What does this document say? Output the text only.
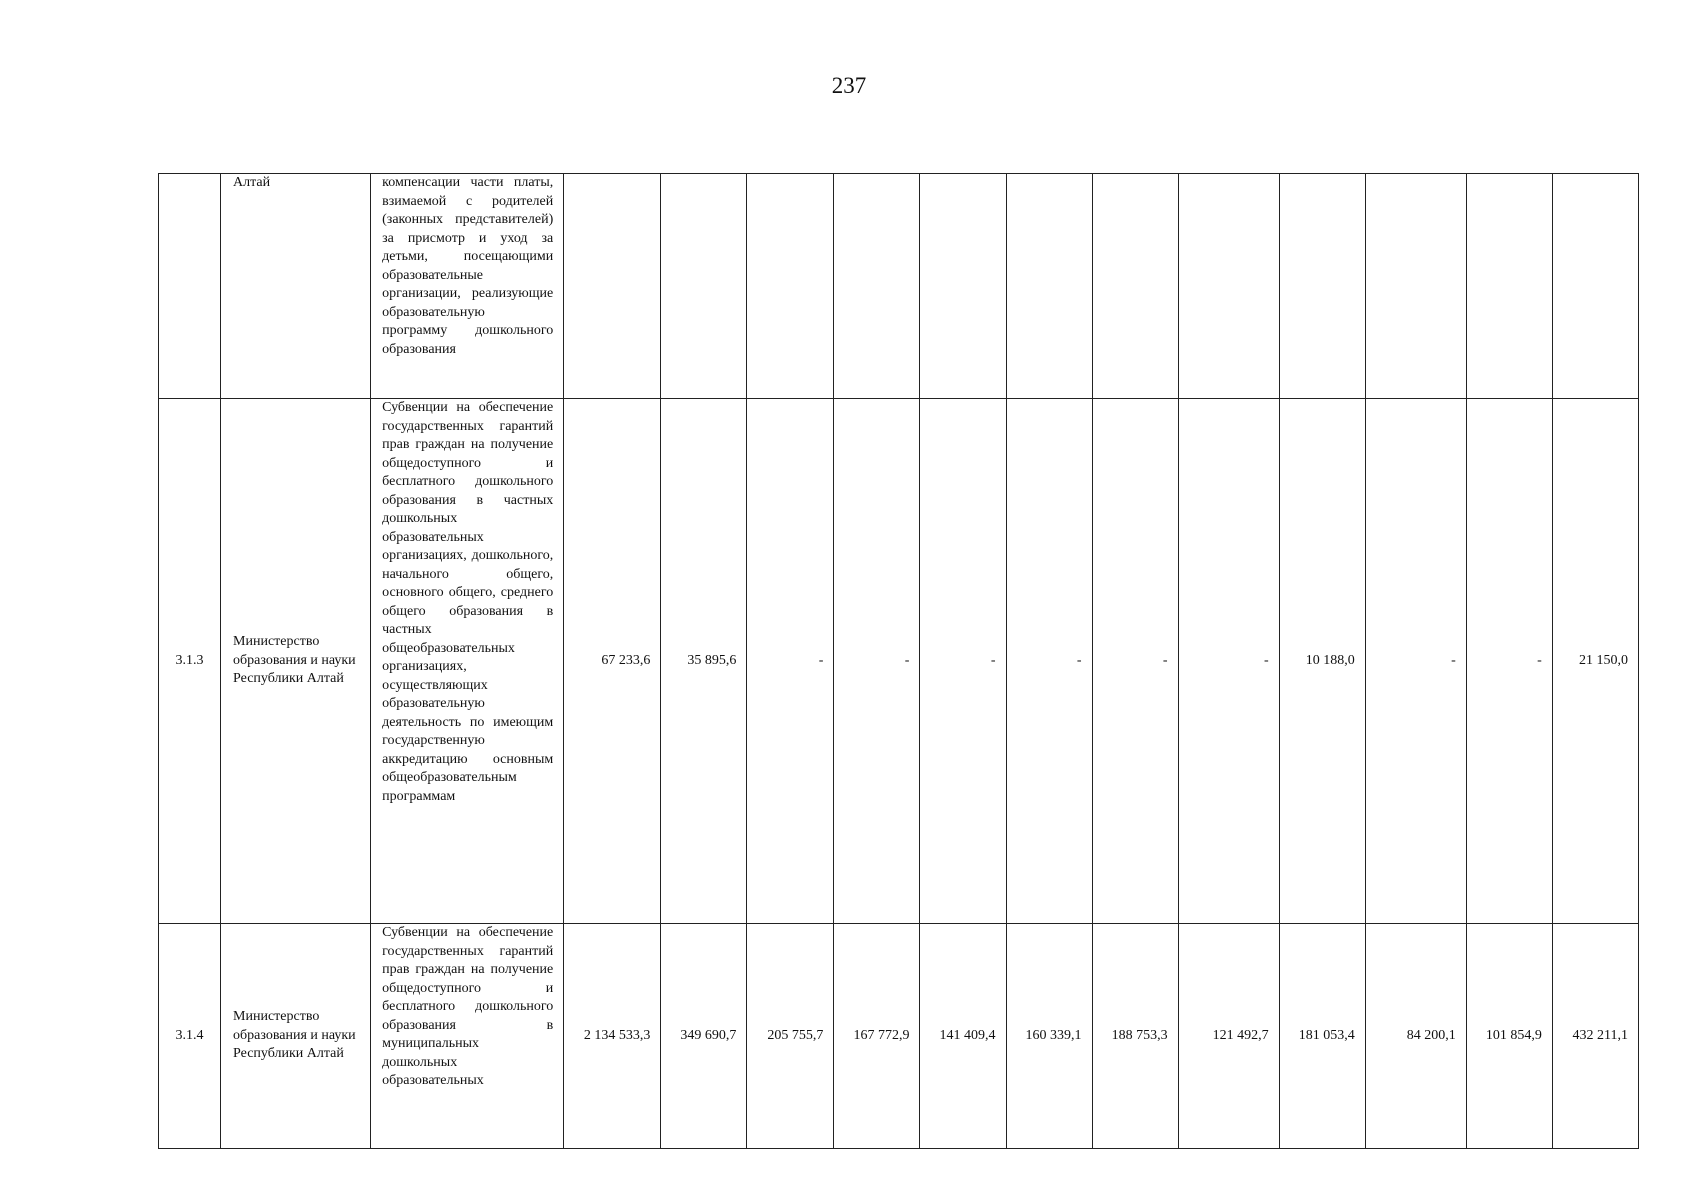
237
	Алтай	компенсации части платы, взимаемой с родителей (законных представителей) за присмотр и уход за детьми, посещающими образовательные организации, реализующие образовательную программу дошкольного образования												
3.1.3	Министерство образования и науки Республики Алтай	Субвенции на обеспечение государственных гарантий прав граждан на получение общедоступного и бесплатного дошкольного образования в частных дошкольных образовательных организациях, дошкольного, начального общего, основного общего, среднего общего образования в частных общеобразовательных организациях, осуществляющих образовательную деятельность по имеющим государственную аккредитацию основным общеобразовательным программам	67 233,6	35 895,6	-	-	-	-	-	-	10 188,0	-	-	21 150,0
3.1.4	Министерство образования и науки Республики Алтай	Субвенции на обеспечение государственных гарантий прав граждан на получение общедоступного и бесплатного дошкольного образования в муниципальных дошкольных образовательных	2 134 533,3	349 690,7	205 755,7	167 772,9	141 409,4	160 339,1	188 753,3	121 492,7	181 053,4	84 200,1	101 854,9	432 211,1
